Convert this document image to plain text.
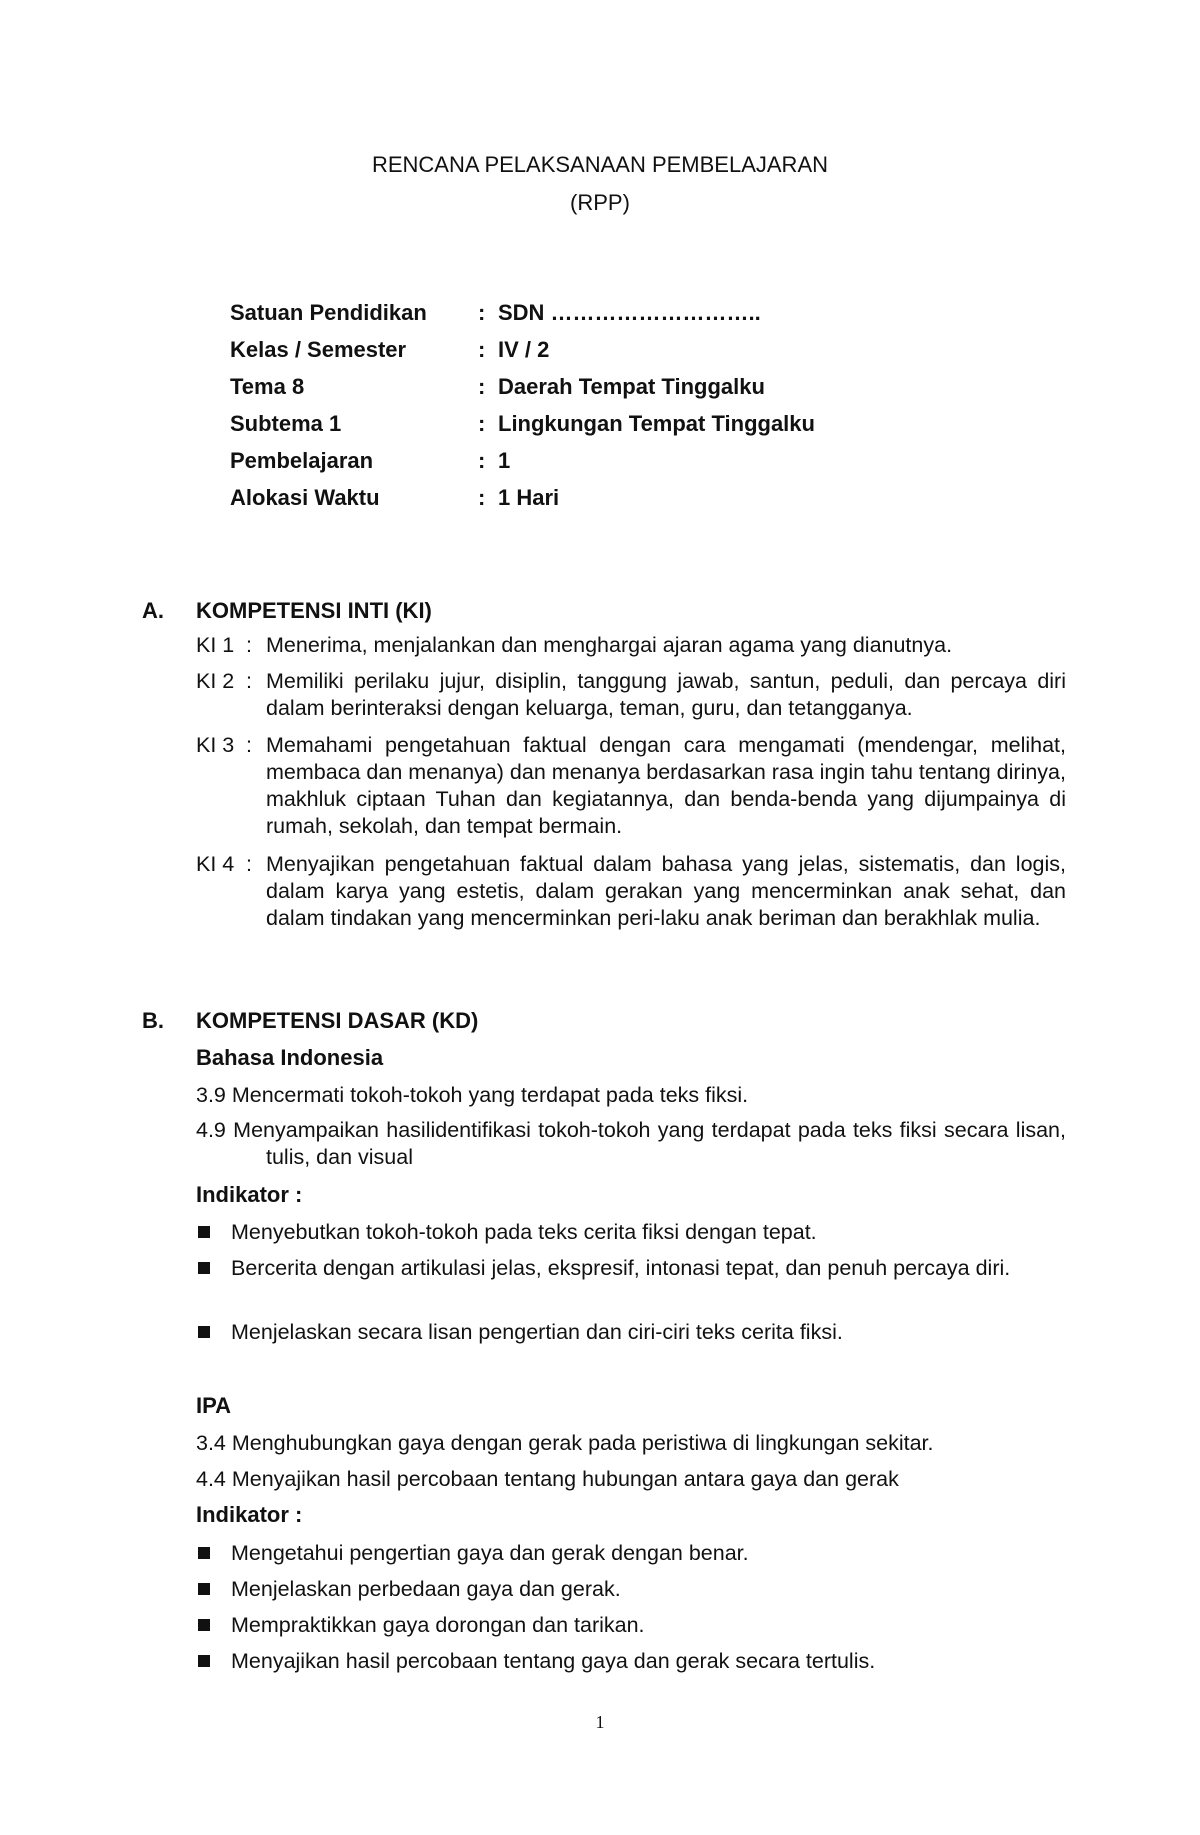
RENCANA PELAKSANAAN PEMBELAJARAN
(RPP)
Satuan Pendidikan : SDN ………………………..
Kelas / Semester	: IV / 2
Tema 8	: Daerah Tempat Tinggalku
Subtema 1	: Lingkungan Tempat Tinggalku
Pembelajaran	: 1
Alokasi Waktu	: 1 Hari
A. KOMPETENSI INTI (KI)
KI 1 : Menerima, menjalankan dan menghargai ajaran agama yang dianutnya.
KI 2 : Memiliki perilaku jujur, disiplin, tanggung jawab, santun, peduli, dan percaya diri dalam berinteraksi dengan keluarga, teman, guru, dan tetangganya.
KI 3 : Memahami pengetahuan faktual dengan cara mengamati (mendengar, melihat, membaca dan menanya) dan menanya berdasarkan rasa ingin tahu tentang dirinya, makhluk ciptaan Tuhan dan kegiatannya, dan benda-benda yang dijumpainya di rumah, sekolah, dan tempat bermain.
KI 4 : Menyajikan pengetahuan faktual dalam bahasa yang jelas, sistematis, dan logis, dalam karya yang estetis, dalam gerakan yang mencerminkan anak sehat, dan dalam tindakan yang mencerminkan peri-laku anak beriman dan berakhlak mulia.
B. KOMPETENSI DASAR (KD)
Bahasa Indonesia
3.9 Mencermati tokoh-tokoh yang terdapat pada teks fiksi.
4.9 Menyampaikan hasilidentifikasi tokoh-tokoh yang terdapat pada teks fiksi secara lisan, tulis, dan visual
Indikator :
Menyebutkan tokoh-tokoh pada teks cerita fiksi dengan tepat.
Bercerita dengan artikulasi jelas, ekspresif, intonasi tepat, dan penuh percaya diri.
Menjelaskan secara lisan pengertian dan ciri-ciri teks cerita fiksi.
IPA
3.4 Menghubungkan gaya dengan gerak pada peristiwa di lingkungan sekitar.
4.4 Menyajikan hasil percobaan tentang hubungan antara gaya dan gerak
Indikator :
Mengetahui pengertian gaya dan gerak dengan benar.
Menjelaskan perbedaan gaya dan gerak.
Mempraktikkan gaya dorongan dan tarikan.
Menyajikan hasil percobaan tentang gaya dan gerak secara tertulis.
1
